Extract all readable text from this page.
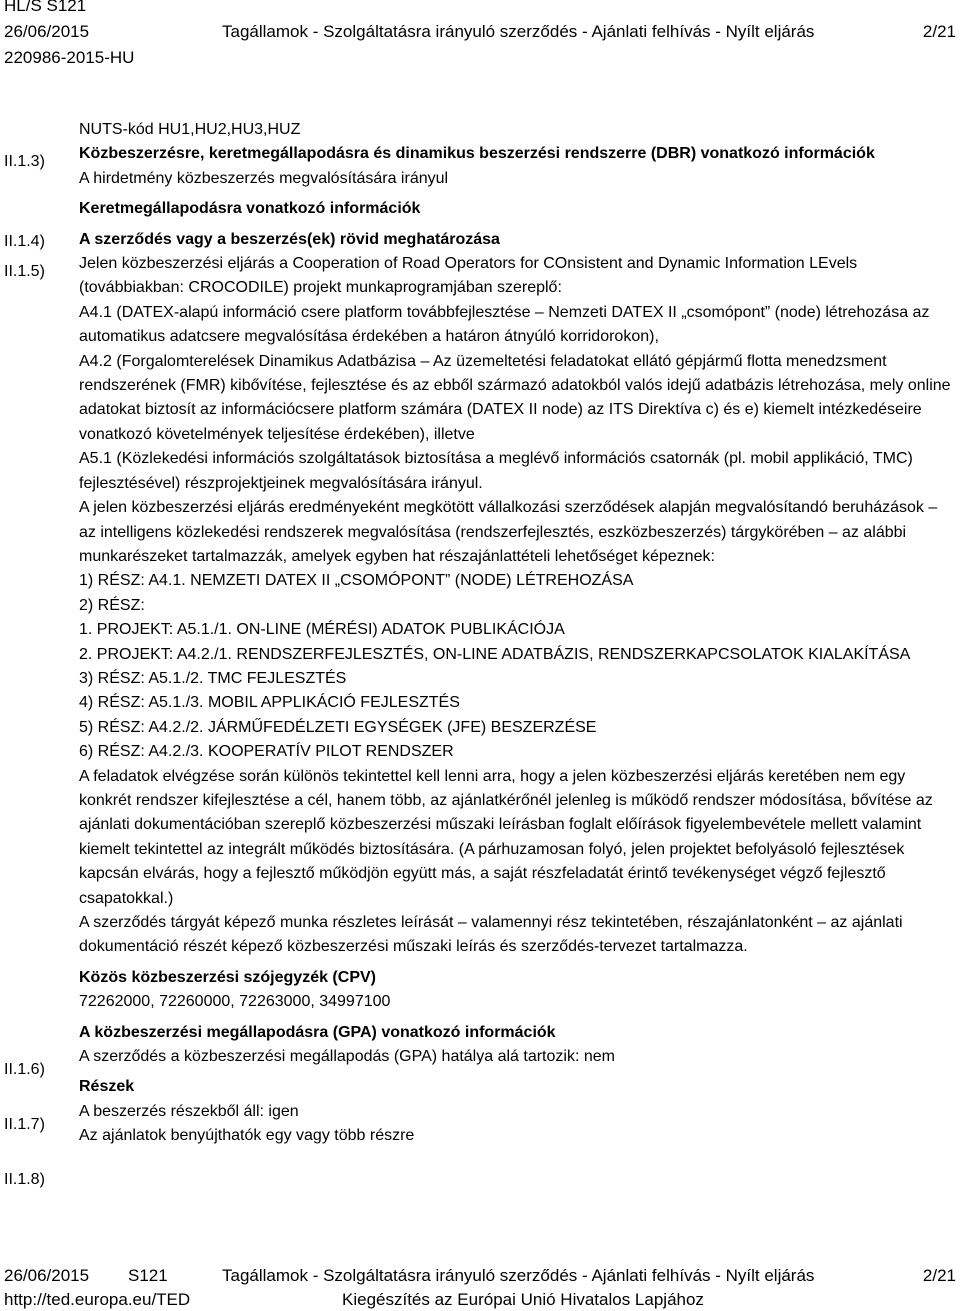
HL/S S121
26/06/2015	Tagállamok - Szolgáltatásra irányuló szerződés - Ajánlati felhívás - Nyílt eljárás	2/21
220986-2015-HU
II.1.3)
II.1.4)
II.1.5)
II.1.6)
II.1.7)
II.1.8)
NUTS-kód HU1,HU2,HU3,HUZ
Közbeszerzésre, keretmegállapodásra és dinamikus beszerzési rendszerre (DBR) vonatkozó információk
A hirdetmény közbeszerzés megvalósítására irányul
Keretmegállapodásra vonatkozó információk
A szerződés vagy a beszerzés(ek) rövid meghatározása
Jelen közbeszerzési eljárás a Cooperation of Road Operators for COnsistent and Dynamic Information LEvels (továbbiakban: CROCODILE) projekt munkaprogramjában szereplő:
A4.1 (DATEX-alapú információ csere platform továbbfejlesztése – Nemzeti DATEX II „csomópont” (node) létrehozása az automatikus adatcsere megvalósítása érdekében a határon átnyúló korridorokon),
A4.2 (Forgalomterelések Dinamikus Adatbázisa – Az üzemeltetési feladatokat ellátó gépjármű flotta menedzsment rendszerének (FMR) kibővítése, fejlesztése és az ebből származó adatokból valós idejű adatbázis létrehozása, mely online adatokat biztosít az információcsere platform számára (DATEX II node) az ITS Direktíva c) és e) kiemelt intézkedéseire vonatkozó követelmények teljesítése érdekében), illetve
A5.1 (Közlekedési információs szolgáltatások biztosítása a meglévő információs csatornák (pl. mobil applikáció, TMC) fejlesztésével) részprojektjeinek megvalósítására irányul.
A jelen közbeszerzési eljárás eredményeként megkötött vállalkozási szerződések alapján megvalósítandó beruházások – az intelligens közlekedési rendszerek megvalósítása (rendszerfejlesztés, eszközbeszerzés) tárgykörében – az alábbi munkarészeket tartalmazzák, amelyek egyben hat részajánlattételi lehetőséget képeznek:
1) RÉSZ: A4.1. NEMZETI DATEX II „CSOMÓPONT” (NODE) LÉTREHOZÁSA
2) RÉSZ:
1. PROJEKT: A5.1./1. ON-LINE (MÉRÉSI) ADATOK PUBLIKÁCIÓJA
2. PROJEKT: A4.2./1. RENDSZERFEJLESZTÉS, ON-LINE ADATBÁZIS, RENDSZERKAPCSOLATOK KIALAKÍTÁSA
3) RÉSZ: A5.1./2. TMC FEJLESZTÉS
4) RÉSZ: A5.1./3. MOBIL APPLIKÁCIÓ FEJLESZTÉS
5) RÉSZ: A4.2./2. JÁRMŰFEDÉLZETI EGYSÉGEK (JFE) BESZERZÉSE
6) RÉSZ: A4.2./3. KOOPERATÍV PILOT RENDSZER
A feladatok elvégzése során különös tekintettel kell lenni arra, hogy a jelen közbeszerzési eljárás keretében nem egy konkrét rendszer kifejlesztése a cél, hanem több, az ajánlatkérőnél jelenleg is működő rendszer módosítása, bővítése az ajánlati dokumentációban szereplő közbeszerzési műszaki leírásban foglalt előírások figyelembevétele mellett valamint kiemelt tekintettel az integrált működés biztosítására. (A párhuzamosan folyó, jelen projektet befolyásoló fejlesztések kapcsán elvárás, hogy a fejlesztő működjön együtt más, a saját részfeladatát érintő tevékenységet végző fejlesztő csapatokkal.)
A szerződés tárgyát képező munka részletes leírását – valamennyi rész tekintetében, részajánlatonként – az ajánlati dokumentáció részét képező közbeszerzési műszaki leírás és szerződés-tervezet tartalmazza.
Közös közbeszerzési szójegyzék (CPV)
72262000, 72260000, 72263000, 34997100
A közbeszerzési megállapodásra (GPA) vonatkozó információk
A szerződés a közbeszerzési megállapodás (GPA) hatálya alá tartozik: nem
Részek
A beszerzés részekből áll: igen
Az ajánlatok benyújthatók egy vagy több részre
26/06/2015 S121	Tagállamok - Szolgáltatásra irányuló szerződés - Ajánlati felhívás - Nyílt eljárás	2/21
http://ted.europa.eu/TED	Kiegészítés az Európai Unió Hivatalos Lapjához
